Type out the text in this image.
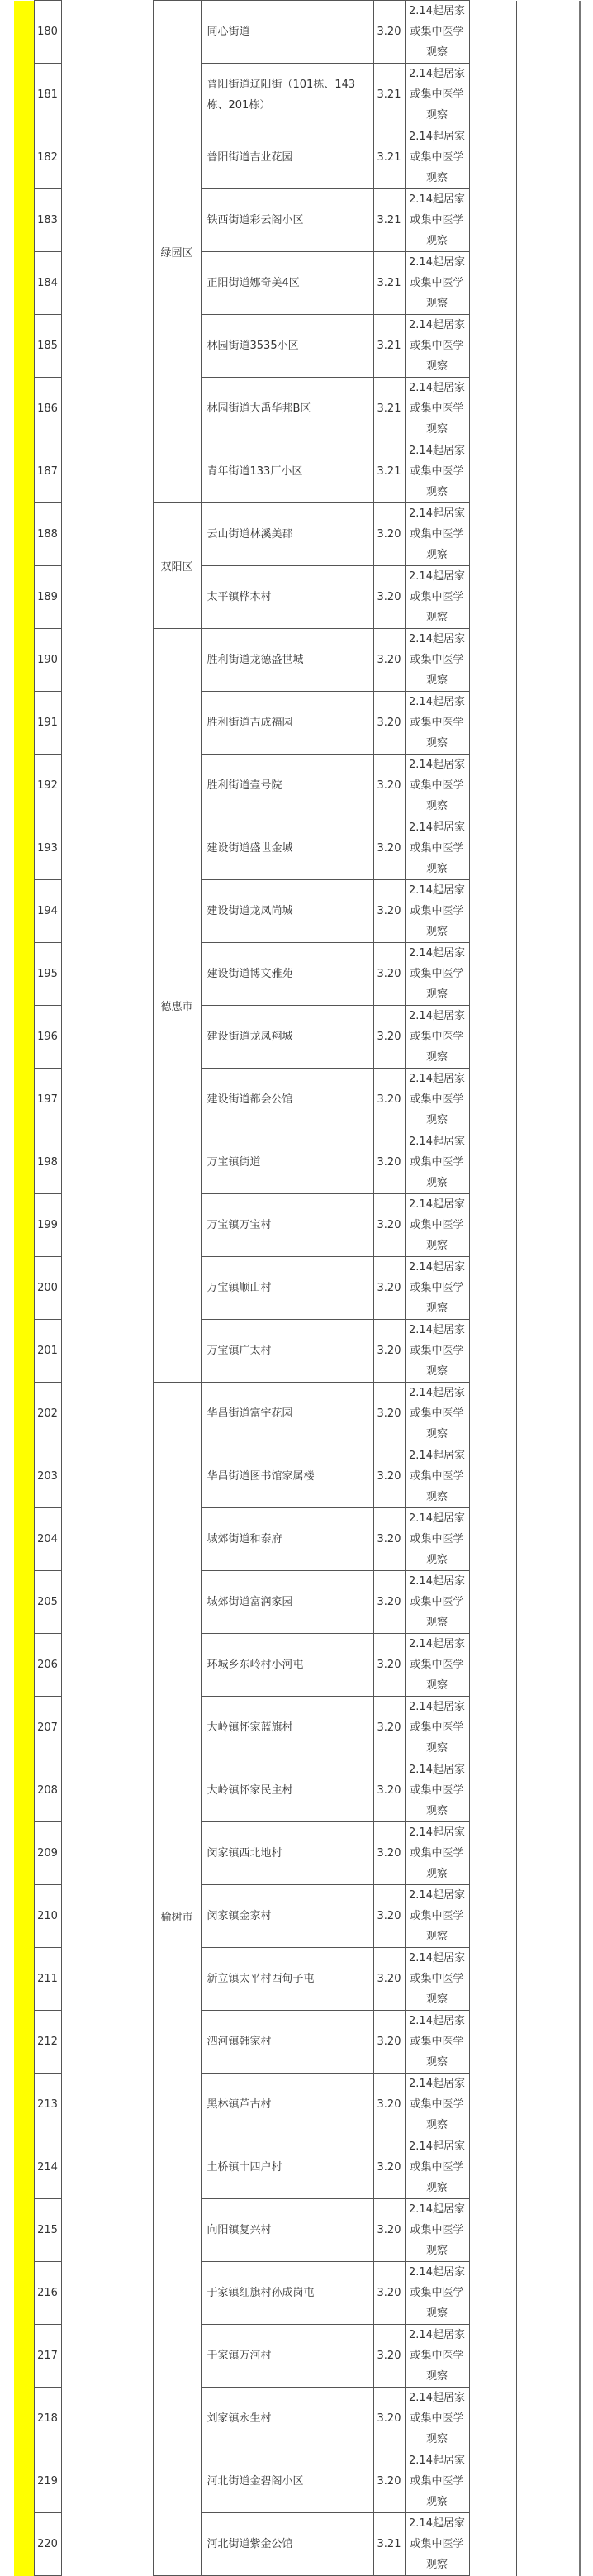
	180			绿园区	同心街道	3.20	2.14起居家或集中医学观察		
	181				普阳街道辽阳街（101栋、143栋、201栋）	3.21	2.14起居家或集中医学观察		
	182				普阳街道吉业花园	3.21	2.14起居家或集中医学观察		
	183				铁西街道彩云阁小区	3.21	2.14起居家或集中医学观察		
	184				正阳街道娜奇美4区	3.21	2.14起居家或集中医学观察		
	185				林园街道3535小区	3.21	2.14起居家或集中医学观察		
	186				林园街道大禹华邦B区	3.21	2.14起居家或集中医学观察		
	187				青年街道133厂小区	3.21	2.14起居家或集中医学观察		
	188			双阳区	云山街道林溪美郡	3.20	2.14起居家或集中医学观察		
	189				太平镇桦木村	3.20	2.14起居家或集中医学观察		
	190			德惠市	胜利街道龙德盛世城	3.20	2.14起居家或集中医学观察		
	191				胜利街道吉成福园	3.20	2.14起居家或集中医学观察		
	192				胜利街道壹号院	3.20	2.14起居家或集中医学观察		
	193				建设街道盛世金城	3.20	2.14起居家或集中医学观察		
	194				建设街道龙凤尚城	3.20	2.14起居家或集中医学观察		
	195				建设街道博文雅苑	3.20	2.14起居家或集中医学观察		
	196				建设街道龙凤翔城	3.20	2.14起居家或集中医学观察		
	197				建设街道都会公馆	3.20	2.14起居家或集中医学观察		
	198				万宝镇街道	3.20	2.14起居家或集中医学观察		
	199				万宝镇万宝村	3.20	2.14起居家或集中医学观察		
	200				万宝镇顺山村	3.20	2.14起居家或集中医学观察		
	201				万宝镇广太村	3.20	2.14起居家或集中医学观察		
	202			榆树市	华昌街道富宇花园	3.20	2.14起居家或集中医学观察		
	203				华昌街道图书馆家属楼	3.20	2.14起居家或集中医学观察		
	204				城郊街道和泰府	3.20	2.14起居家或集中医学观察		
	205				城郊街道富润家园	3.20	2.14起居家或集中医学观察		
	206				环城乡东岭村小河屯	3.20	2.14起居家或集中医学观察		
	207				大岭镇怀家蓝旗村	3.20	2.14起居家或集中医学观察		
	208				大岭镇怀家民主村	3.20	2.14起居家或集中医学观察		
	209				闵家镇西北地村	3.20	2.14起居家或集中医学观察		
	210				闵家镇金家村	3.20	2.14起居家或集中医学观察		
	211				新立镇太平村西甸子屯	3.20	2.14起居家或集中医学观察		
	212				泗河镇韩家村	3.20	2.14起居家或集中医学观察		
	213				黑林镇芦古村	3.20	2.14起居家或集中医学观察		
	214				土桥镇十四户村	3.20	2.14起居家或集中医学观察		
	215				向阳镇复兴村	3.20	2.14起居家或集中医学观察		
	216				于家镇红旗村孙成岗屯	3.20	2.14起居家或集中医学观察		
	217				于家镇万河村	3.20	2.14起居家或集中医学观察		
	218				刘家镇永生村	3.20	2.14起居家或集中医学观察		
	219				河北街道金碧阁小区	3.20	2.14起居家或集中医学观察		
	220				河北街道紫金公馆	3.21	2.14起居家或集中医学观察		
